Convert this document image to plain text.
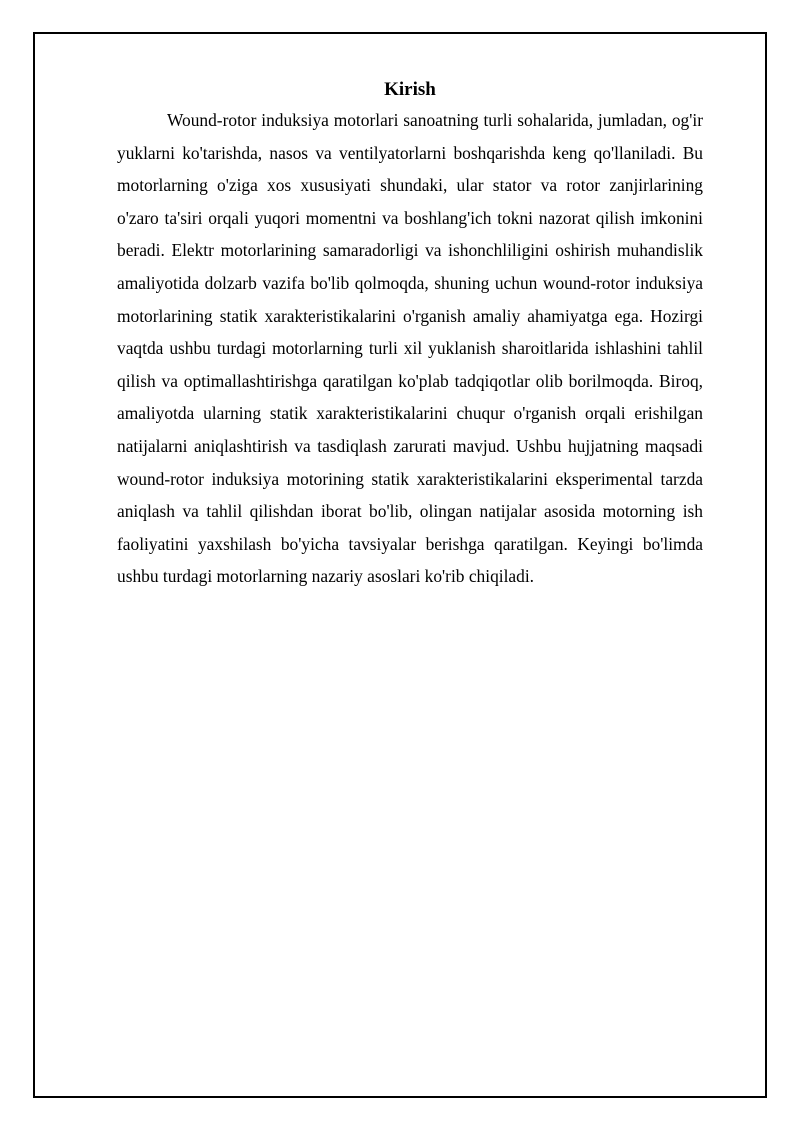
Kirish

Wound-rotor induksiya motorlari sanoatning turli sohalarida, jumladan, og'ir yuklarni ko'tarishda, nasos va ventilyatorlarni boshqarishda keng qo'llaniladi. Bu motorlarning o'ziga xos xususiyati shundaki, ular stator va rotor zanjirlarining o'zaro ta'siri orqali yuqori momentni va boshlang'ich tokni nazorat qilish imkonini beradi. Elektr motorlarining samaradorligi va ishonchliligini oshirish muhandislik amaliyotida dolzarb vazifa bo'lib qolmoqda, shuning uchun wound-rotor induksiya motorlarining statik xarakteristikalarini o'rganish amaliy ahamiyatga ega. Hozirgi vaqtda ushbu turdagi motorlarning turli xil yuklanish sharoitlarida ishlashini tahlil qilish va optimallashtirishga qaratilgan ko'plab tadqiqotlar olib borilmoqda. Biroq, amaliyotda ularning statik xarakteristikalarini chuqur o'rganish orqali erishilgan natijalarni aniqlashtirish va tasdiqlash zarurati mavjud. Ushbu hujjatning maqsadi wound-rotor induksiya motorining statik xarakteristikalarini eksperimental tarzda aniqlash va tahlil qilishdan iborat bo'lib, olingan natijalar asosida motorning ish faoliyatini yaxshilash bo'yicha tavsiyalar berishga qaratilgan. Keyingi bo'limda ushbu turdagi motorlarning nazariy asoslari ko'rib chiqiladi.
